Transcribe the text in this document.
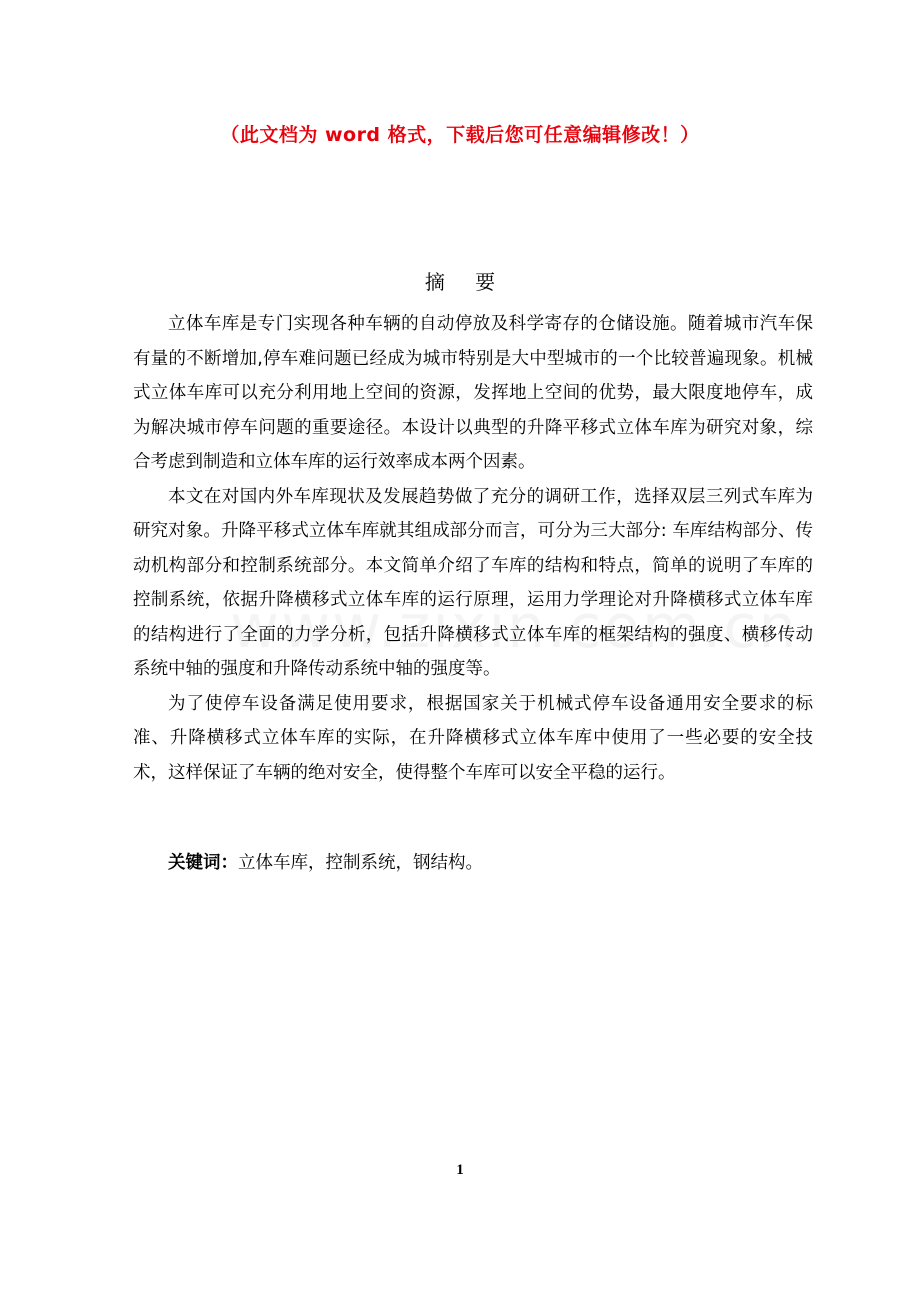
（此文档为 word 格式，下载后您可任意编辑修改！）
摘 要

立体车库是专门实现各种车辆的自动停放及科学寄存的仓储设施。随着城市汽车保有量的不断增加,停车难问题已经成为城市特别是大中型城市的一个比较普遍现象。机械式立体车库可以充分利用地上空间的资源，发挥地上空间的优势，最大限度地停车，成为解决城市停车问题的重要途径。本设计以典型的升降平移式立体车库为研究对象，综合考虑到制造和立体车库的运行效率成本两个因素。

本文在对国内外车库现状及发展趋势做了充分的调研工作，选择双层三列式车库为研究对象。升降平移式立体车库就其组成部分而言，可分为三大部分: 车库结构部分、传动机构部分和控制系统部分。本文简单介绍了车库的结构和特点，简单的说明了车库的控制系统，依据升降横移式立体车库的运行原理，运用力学理论对升降横移式立体车库的结构进行了全面的力学分析，包括升降横移式立体车库的框架结构的强度、横移传动系统中轴的强度和升降传动系统中轴的强度等。

为了使停车设备满足使用要求，根据国家关于机械式停车设备通用安全要求的标准、升降横移式立体车库的实际，在升降横移式立体车库中使用了一些必要的安全技术，这样保证了车辆的绝对安全，使得整个车库可以安全平稳的运行。

关键词：立体车库，控制系统，钢结构。
1
